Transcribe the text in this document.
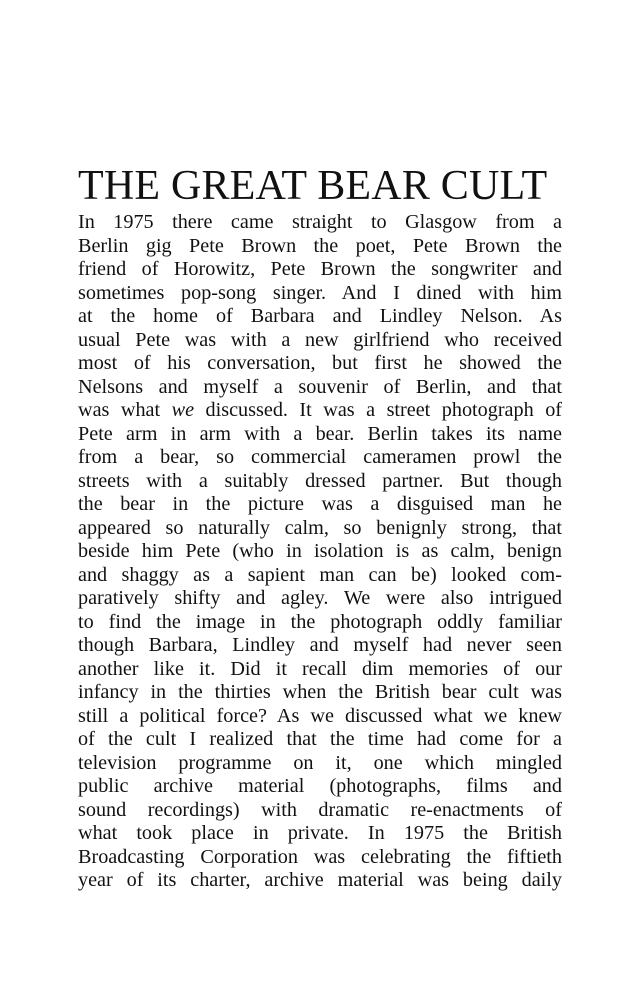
THE GREAT BEAR CULT
In 1975 there came straight to Glasgow from a
Berlin gig Pete Brown the poet, Pete Brown the
friend of Horowitz, Pete Brown the songwriter and
sometimes pop-song singer. And I dined with him
at the home of Barbara and Lindley Nelson. As
usual Pete was with a new girlfriend who received
most of his conversation, but first he showed the
Nelsons and myself a souvenir of Berlin, and that
was what we discussed. It was a street photograph of
Pete arm in arm with a bear. Berlin takes its name
from a bear, so commercial cameramen prowl the
streets with a suitably dressed partner. But though
the bear in the picture was a disguised man he
appeared so naturally calm, so benignly strong, that
beside him Pete (who in isolation is as calm, benign
and shaggy as a sapient man can be) looked com-
paratively shifty and agley. We were also intrigued
to find the image in the photograph oddly familiar
though Barbara, Lindley and myself had never seen
another like it. Did it recall dim memories of our
infancy in the thirties when the British bear cult was
still a political force? As we discussed what we knew
of the cult I realized that the time had come for a
television programme on it, one which mingled
public archive material (photographs, films and
sound recordings) with dramatic re-enactments of
what took place in private. In 1975 the British
Broadcasting Corporation was celebrating the fiftieth
year of its charter, archive material was being daily
